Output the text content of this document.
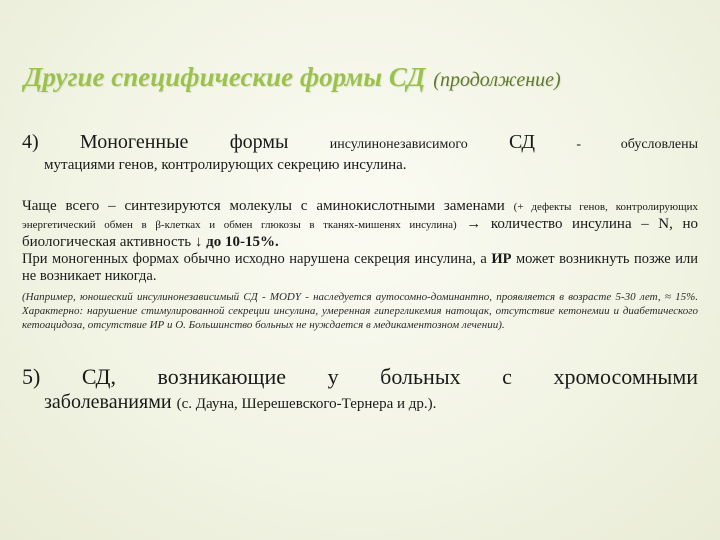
Другие специфические формы СД (продолжение)
4) Моногенные формы	инсулинонезависимого СД	- обусловлены
мутациями генов, контролирующих секрецию инсулина.
Чаще всего – синтезируются молекулы с аминокислотными заменами (+ дефекты генов, контролирующих энергетический обмен в β-клетках и обмен глюкозы в тканях-мишенях инсулина) → количество инсулина – N, но биологическая активность ↓ до 10-15%.
При моногенных формах обычно исходно нарушена секреция инсулина, а ИР может возникнуть позже или не возникает никогда.
(Например, юношеский инсулинонезависимый СД - MODY - наследуется аутосомно-доминантно, проявляется в возрасте 5-30 лет, ≈ 15%. Характерно: нарушение стимулированной секреции инсулина, умеренная гипергликемия натощак, отсутствие кетонемии и диабетического кетоацидоза, отсутствие ИР и О. Большинство больных не нуждается в медикаментозном лечении).
5) СД, возникающие у больных с хромосомными
заболеваниями (с. Дауна, Шерешевского-Тернера и др.).
